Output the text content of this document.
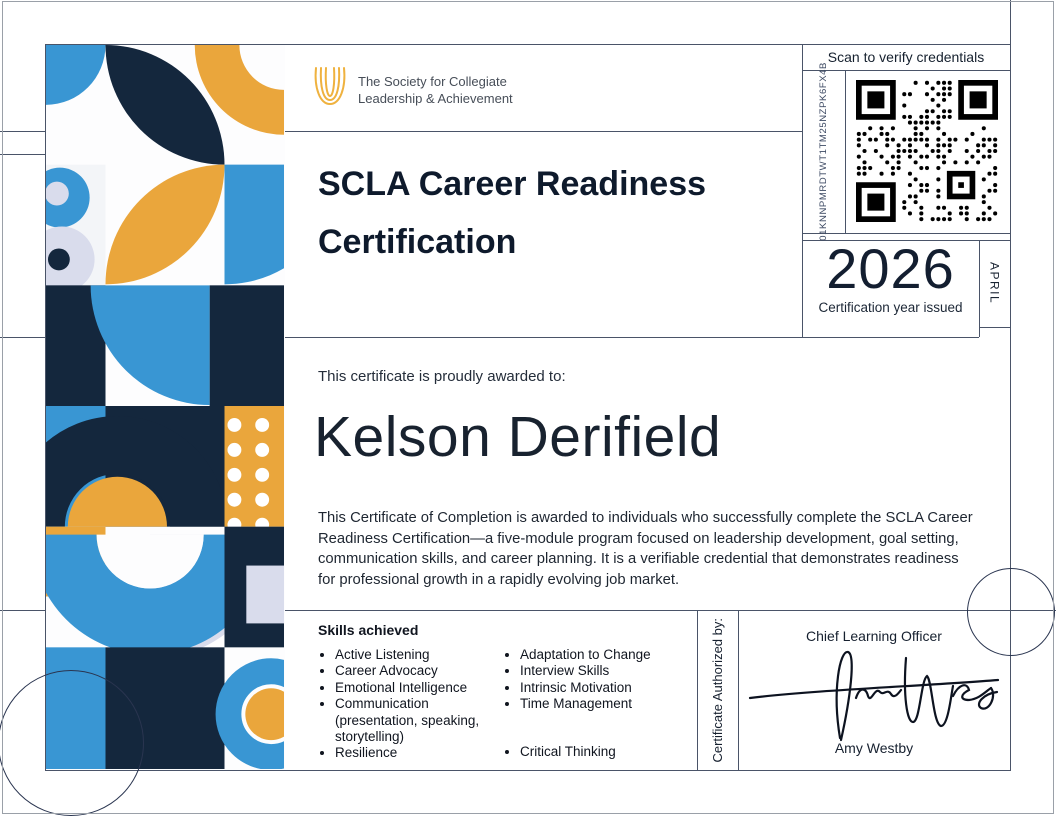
The Society for Collegiate
Leadership & Achievement
Scan to verify credentials
01KNNPMRDTWT1TM25NZPK6FX4B
2026
Certification year issued
APRIL
SCLA Career Readiness Certification
This certificate is proudly awarded to:
Kelson Derifield
This Certificate of Completion is awarded to individuals who successfully complete the SCLA Career Readiness Certification—a five-module program focused on leadership development, goal setting, communication skills, and career planning. It is a verifiable credential that demonstrates readiness for professional growth in a rapidly evolving job market.
Skills achieved
• Active Listening
• Career Advocacy
• Emotional Intelligence
• Communication (presentation, speaking, storytelling)
• Resilience
• Adaptation to Change
• Interview Skills
• Intrinsic Motivation
• Time Management
• Critical Thinking	Certificate Authorized by:	Chief Learning Officer
Amy Westby
